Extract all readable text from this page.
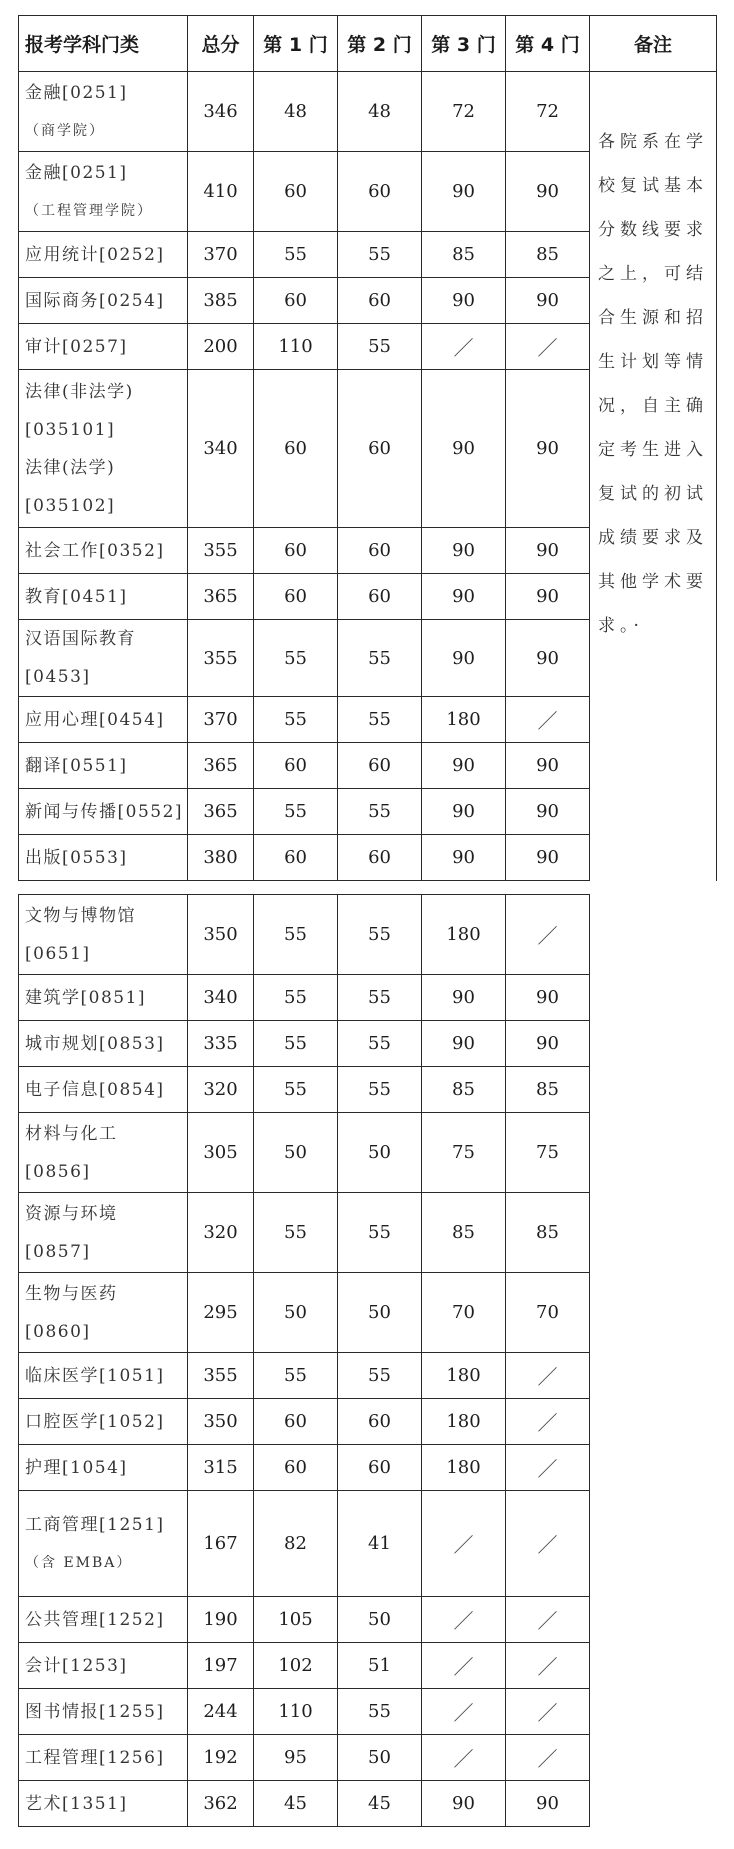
报考学科门类	总分	第 1 门	第 2 门	第 3 门	第 4 门	备注

金融[0251]
（商学院）	346	48	48	72	72	各院系在学校复试基本分数线要求之上，可结合生源和招生计划等情况，自主确定考生进入复试的初试成绩要求及其他学术要求。·

金融[0251]
（工程管理学院）	410	60	60	90	90	

应用统计[0252]	370	55	55	85	85	

国际商务[0254]	385	60	60	90	90	

审计[0257]	200	110	55	／	／	

法律(非法学)
[035101]
法律(法学)
[035102]	340	60	60	90	90	

社会工作[0352]	355	60	60	90	90	

教育[0451]	365	60	60	90	90	

汉语国际教育
[0453]	355	55	55	90	90	

应用心理[0454]	370	55	55	180	／	

翻译[0551]	365	60	60	90	90	

新闻与传播[0552]	365	55	55	90	90	

出版[0553]	380	60	60	90	90	
文物与博物馆
[0651]	350	55	55	180	／	

建筑学[0851]	340	55	55	90	90	

城市规划[0853]	335	55	55	90	90	

电子信息[0854]	320	55	55	85	85	

材料与化工
[0856]	305	50	50	75	75	

资源与环境
[0857]	320	55	55	85	85	

生物与医药
[0860]	295	50	50	70	70	

临床医学[1051]	355	55	55	180	／	

口腔医学[1052]	350	60	60	180	／	

护理[1054]	315	60	60	180	／	

工商管理[1251]
（含 EMBA）	167	82	41	／	／	

公共管理[1252]	190	105	50	／	／	

会计[1253]	197	102	51	／	／	

图书情报[1255]	244	110	55	／	／	

工程管理[1256]	192	95	50	／	／	

艺术[1351]	362	45	45	90	90	
